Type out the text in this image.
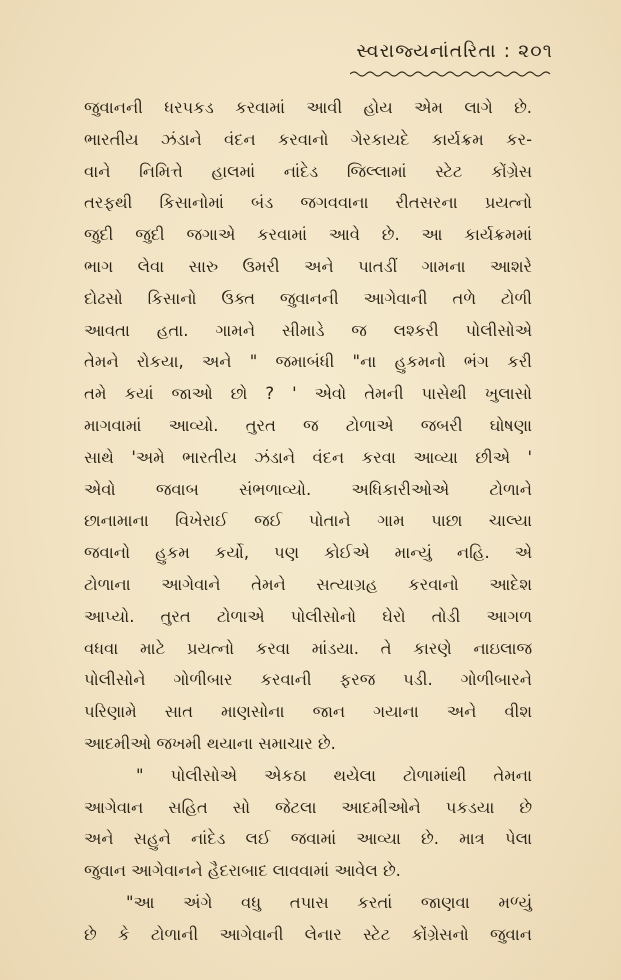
સ્વરાજ્યનાંતરિતા : ૨૦૧
જુવાનની ધરપકડ કરવામાં આવી હોય એમ લાગે છે.
ભારતીય ઝંડાને વંદન કરવાનો ગેરકાયદે કાર્યક્રમ કર-
વાને નિમિત્તે હાલમાં નાંદેડ જિલ્લામાં સ્ટેટ કોંગ્રેસ
તરફથી કિસાનોમાં બંડ જગવવાના રીતસરના પ્રયત્નો
જુદી જુદી જગાએ કરવામાં આવે છે. આ કાર્યક્રમમાં
ભાગ લેવા સારુ ઉમરી અને પાતડીં ગામના આશરે
દોઢસો કિસાનો ઉક્ત જુવાનની આગેવાની તળે ટોળી
આવતા હતા. ગામને સીમાડે જ લશ્કરી પોલીસોએ
તેમને રોકયા, અને " જમાબંધી "ના હુકમનો ભંગ કરી
તમે કયાં જાઓ છો ? ' એવો તેમની પાસેથી ખુલાસો
માગવામાં આવ્યો. તુરત જ ટોળાએ જબરી ઘોષણા
સાથે 'અમે ભારતીય ઝંડાને વંદન કરવા આવ્યા છીએ '
એવો જવાબ સંભળાવ્યો. અધિકારીઓએ ટોળાને
છાનામાના વિખેરાઈ જઈ પોતાને ગામ પાછા ચાલ્યા
જવાનો હુકમ કર્યો, પણ કોઈએ માન્યું નહિ. એ
ટોળાના આગેવાને તેમને સત્યાગ્રહ કરવાનો આદેશ
આપ્યો. તુરત ટોળાએ પોલીસોનો ઘેરો તોડી આગળ
વધવા માટે પ્રયત્નો કરવા માંડયા. તે કારણે નાઇલાજ
પોલીસોને ગોળીબાર કરવાની ફરજ પડી. ગોળીબારને
પરિણામે સાત માણસોના જાન ગયાના અને વીશ
આદમીઓ જખમી થયાના સમાચાર છે.
" પોલીસોએ એકઠા થયેલા ટોળામાંથી તેમના
આગેવાન સહિત સો જેટલા આદમીઓને પકડયા છે
અને સહુને નાંદેડ લઈ જવામાં આવ્યા છે. માત્ર પેલા
જુવાન આગેવાનને હૈદરાબાદ લાવવામાં આવેલ છે.
"આ અંગે વધુ તપાસ કરતાં જાણવા મળ્યું
છે કે ટોળાની આગેવાની લેનાર સ્ટેટ કોંગ્રેસનો જુવાન
